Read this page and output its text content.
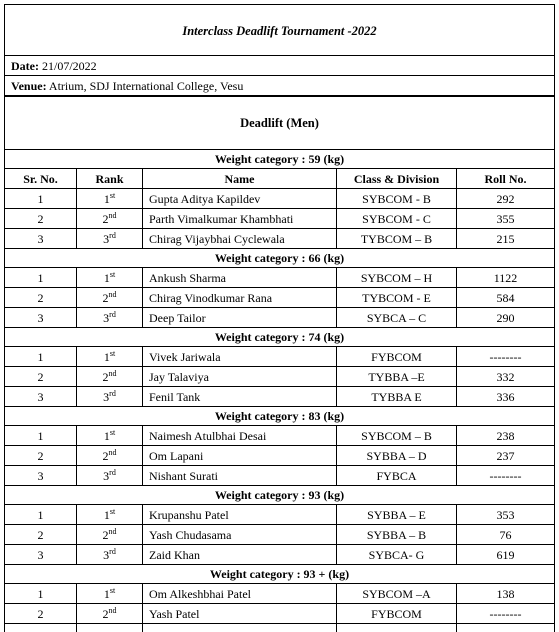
Interclass Deadlift Tournament -2022				
Date: 21/07/2022				
Venue: Atrium, SDJ International College, Vesu				
Deadlift (Men)				
Weight category : 59 (kg)				
Sr. No.	Rank	Name	Class & Division	Roll No.
1	1st	Gupta Aditya Kapildev	SYBCOM - B	292
2	2nd	Parth Vimalkumar Khambhati	SYBCOM - C	355
3	3rd	Chirag Vijaybhai Cyclewala	TYBCOM – B	215
Weight category : 66 (kg)				
1	1st	Ankush Sharma	SYBCOM – H	1122
2	2nd	Chirag Vinodkumar Rana	TYBCOM - E	584
3	3rd	Deep Tailor	SYBCA – C	290
Weight category : 74 (kg)				
1	1st	Vivek Jariwala	FYBCOM	--------
2	2nd	Jay Talaviya	TYBBA –E	332
3	3rd	Fenil Tank	TYBBA E	336
Weight category : 83 (kg)				
1	1st	Naimesh Atulbhai Desai	SYBCOM – B	238
2	2nd	Om Lapani	SYBBA – D	237
3	3rd	Nishant Surati	FYBCA	--------
Weight category : 93 (kg)				
1	1st	Krupanshu Patel	SYBBA – E	353
2	2nd	Yash Chudasama	SYBBA – B	76
3	3rd	Zaid Khan	SYBCA- G	619
Weight category : 93 + (kg)				
1	1st	Om Alkeshbhai Patel	SYBCOM –A	138
2	2nd	Yash Patel	FYBCOM	--------
